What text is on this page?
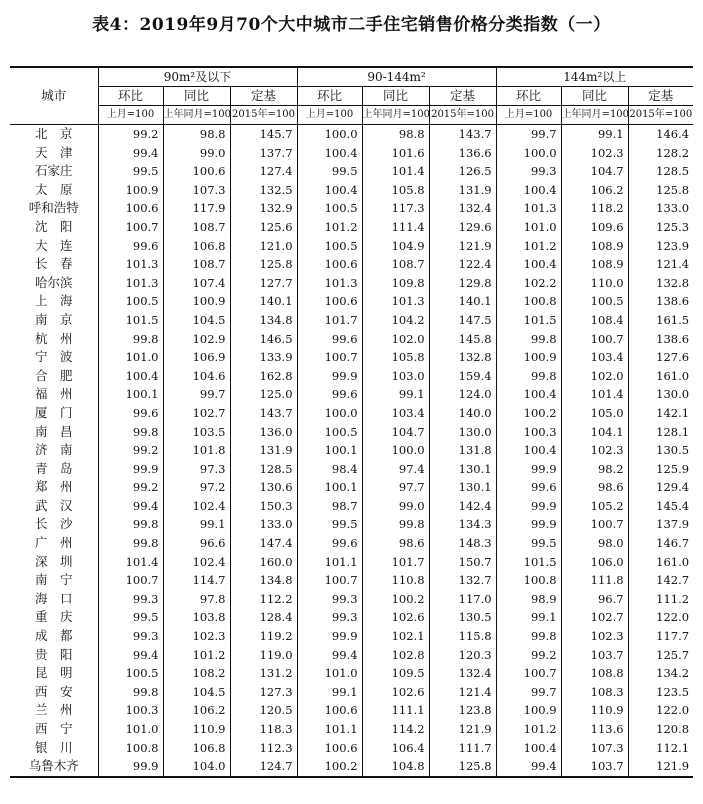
表4：2019年9月70个大中城市二手住宅销售价格分类指数（一）
城市	90m²及以下			90-144m²			144m²以上		
	环比	同比	定基	环比	同比	定基	环比	同比	定基
	上月=100	上年同月=100	2015年=100	上月=100	上年同月=100	2015年=100	上月=100	上年同月=100	2015年=100
北　京	99.2	98.8	145.7	100.0	98.8	143.7	99.7	99.1	146.4
天　津	99.4	99.0	137.7	100.4	101.6	136.6	100.0	102.3	128.2
石家庄	99.5	100.6	127.4	99.5	101.4	126.5	99.3	104.7	128.5
太　原	100.9	107.3	132.5	100.4	105.8	131.9	100.4	106.2	125.8
呼和浩特	100.6	117.9	132.9	100.5	117.3	132.4	101.3	118.2	133.0
沈　阳	100.7	108.7	125.6	101.2	111.4	129.6	101.0	109.6	125.3
大　连	99.6	106.8	121.0	100.5	104.9	121.9	101.2	108.9	123.9
长　春	101.3	108.7	125.8	100.6	108.7	122.4	100.4	108.9	121.4
哈尔滨	101.3	107.4	127.7	101.3	109.8	129.8	102.2	110.0	132.8
上　海	100.5	100.9	140.1	100.6	101.3	140.1	100.8	100.5	138.6
南　京	101.5	104.5	134.8	101.7	104.2	147.5	101.5	108.4	161.5
杭　州	99.8	102.9	146.5	99.6	102.0	145.8	99.8	100.7	138.6
宁　波	101.0	106.9	133.9	100.7	105.8	132.8	100.9	103.4	127.6
合　肥	100.4	104.6	162.8	99.9	103.0	159.4	99.8	102.0	161.0
福　州	100.1	99.7	125.0	99.6	99.1	124.0	100.4	101.4	130.0
厦　门	99.6	102.7	143.7	100.0	103.4	140.0	100.2	105.0	142.1
南　昌	99.8	103.5	136.0	100.5	104.7	130.0	100.3	104.1	128.1
济　南	99.2	101.8	131.9	100.1	100.0	131.8	100.4	102.3	130.5
青　岛	99.9	97.3	128.5	98.4	97.4	130.1	99.9	98.2	125.9
郑　州	99.2	97.2	130.6	100.1	97.7	130.1	99.6	98.6	129.4
武　汉	99.4	102.4	150.3	98.7	99.0	142.4	99.9	105.2	145.4
长　沙	99.8	99.1	133.0	99.5	99.8	134.3	99.9	100.7	137.9
广　州	99.8	96.6	147.4	99.6	98.6	148.3	99.5	98.0	146.7
深　圳	101.4	102.4	160.0	101.1	101.7	150.7	101.5	106.0	161.0
南　宁	100.7	114.7	134.8	100.7	110.8	132.7	100.8	111.8	142.7
海　口	99.3	97.8	112.2	99.3	100.2	117.0	98.9	96.7	111.2
重　庆	99.5	103.8	128.4	99.3	102.6	130.5	99.1	102.7	122.0
成　都	99.3	102.3	119.2	99.9	102.1	115.8	99.8	102.3	117.7
贵　阳	99.4	101.2	119.0	99.4	102.8	120.3	99.2	103.7	125.7
昆　明	100.5	108.2	131.2	101.0	109.5	132.4	100.7	108.8	134.2
西　安	99.8	104.5	127.3	99.1	102.6	121.4	99.7	108.3	123.5
兰　州	100.3	106.2	120.5	100.6	111.1	123.8	100.9	110.9	122.0
西　宁	101.0	110.9	118.3	101.1	114.2	121.9	101.2	113.6	120.8
银　川	100.8	106.8	112.3	100.6	106.4	111.7	100.4	107.3	112.1
乌鲁木齐	99.9	104.0	124.7	100.2	104.8	125.8	99.4	103.7	121.9
